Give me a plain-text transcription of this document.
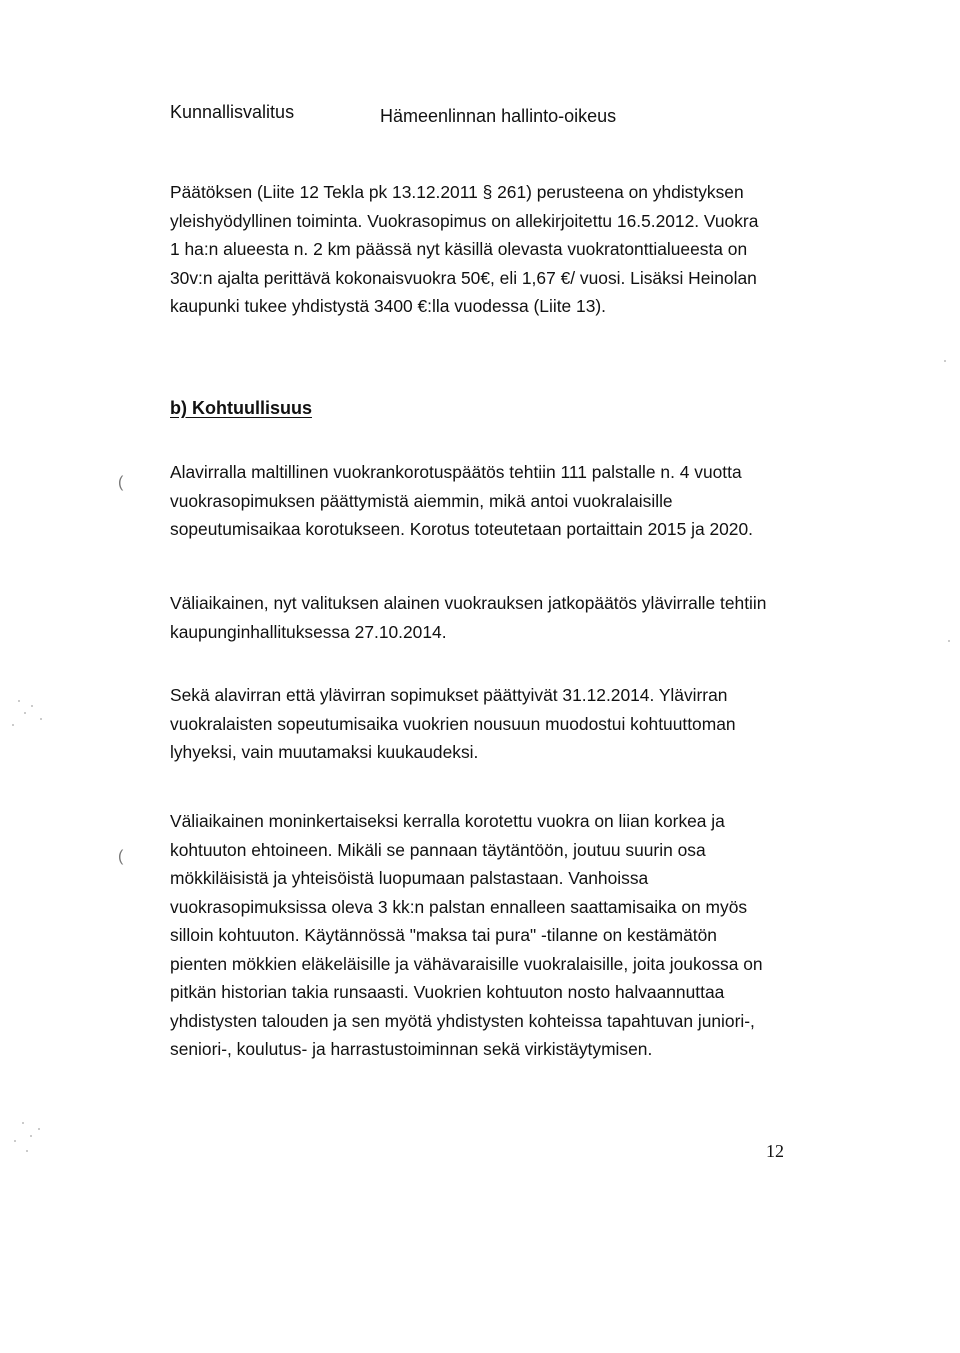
Kunnallisvalitus	Hämeenlinnan hallinto-oikeus
Päätöksen (Liite 12 Tekla pk 13.12.2011 § 261) perusteena on yhdistyksen
yleishyödyllinen toiminta. Vuokrasopimus on allekirjoitettu 16.5.2012. Vuokra
1 ha:n alueesta n. 2 km päässä nyt käsillä olevasta vuokratonttialueesta on
30v:n ajalta perittävä kokonaisvuokra 50€, eli 1,67 €/ vuosi. Lisäksi Heinolan
kaupunki tukee yhdistystä 3400 €:lla vuodessa (Liite 13).
b) Kohtuullisuus
Alavirralla maltillinen vuokrankorotuspäätös tehtiin 111 palstalle n. 4 vuotta
vuokrasopimuksen päättymistä aiemmin, mikä antoi vuokralaisille
sopeutumisaikaa korotukseen. Korotus toteutetaan portaittain 2015 ja 2020.
Väliaikainen, nyt valituksen alainen vuokrauksen jatkopäätös ylävirralle tehtiin
kaupunginhallituksessa 27.10.2014.
Sekä alavirran että ylävirran sopimukset päättyivät 31.12.2014. Ylävirran
vuokralaisten sopeutumisaika vuokrien nousuun muodostui kohtuuttoman
lyhyeksi, vain muutamaksi kuukaudeksi.
Väliaikainen moninkertaiseksi kerralla korotettu vuokra on liian korkea ja
kohtuuton ehtoineen. Mikäli se pannaan täytäntöön, joutuu suurin osa
mökkiläisistä ja yhteisöistä luopumaan palstastaan. Vanhoissa
vuokrasopimuksissa oleva 3 kk:n palstan ennalleen saattamisaika on myös
silloin kohtuuton. Käytännössä "maksa tai pura" -tilanne on kestämätön
pienten mökkien eläkeläisille ja vähävaraisille vuokralaisille, joita joukossa on
pitkän historian takia runsaasti. Vuokrien kohtuuton nosto halvaannuttaa
yhdistysten talouden ja sen myötä yhdistysten kohteissa tapahtuvan juniori-,
seniori-, koulutus- ja harrastustoiminnan sekä virkistäytymisen.
12
(
(
